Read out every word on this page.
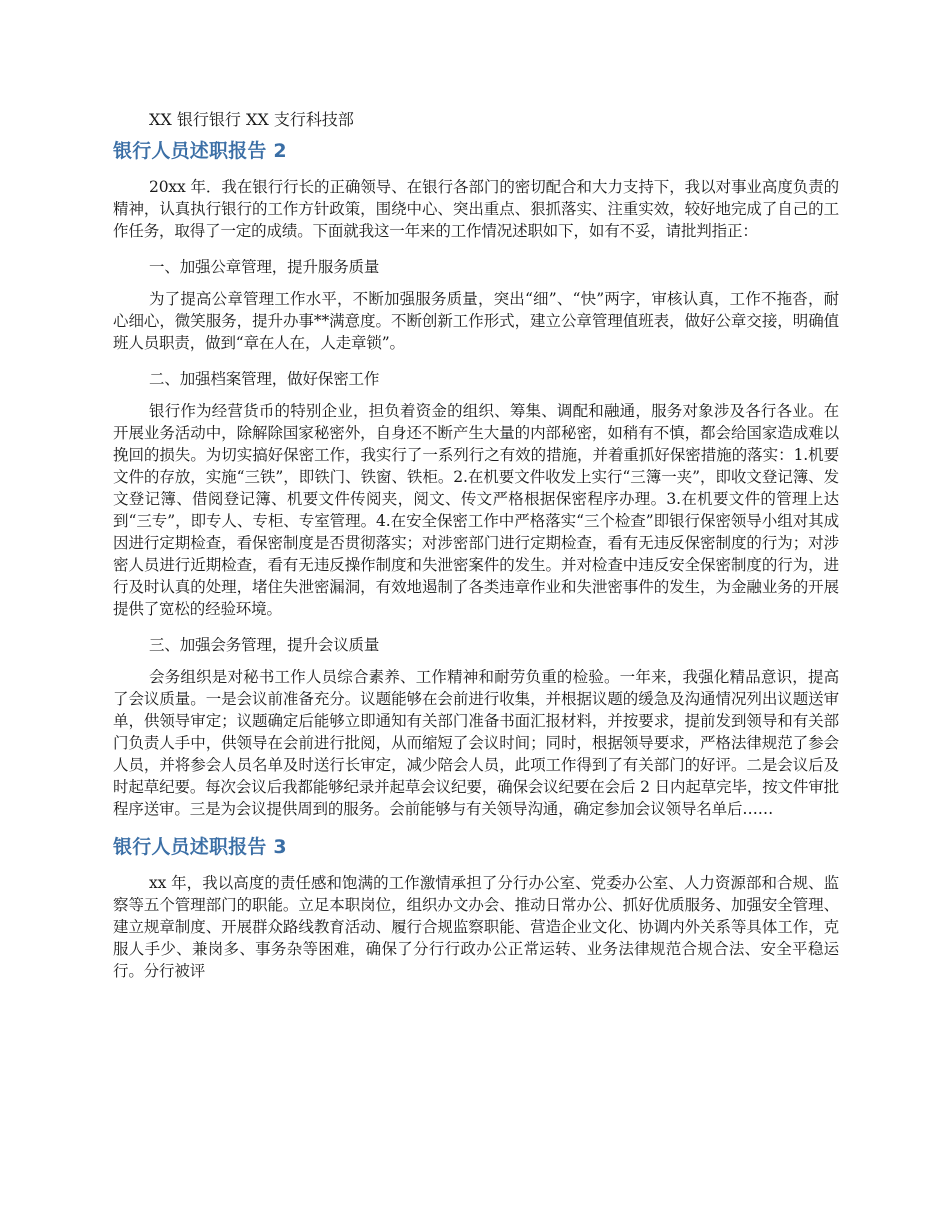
XX 银行银行 XX 支行科技部

银行人员述职报告 2

20xx 年．我在银行行长的正确领导、在银行各部门的密切配合和大力支持下，我以对事业高度负责的精神，认真执行银行的工作方针政策，围绕中心、突出重点、狠抓落实、注重实效，较好地完成了自己的工作任务，取得了一定的成绩。下面就我这一年来的工作情况述职如下，如有不妥，请批判指正：

一、加强公章管理，提升服务质量

为了提高公章管理工作水平，不断加强服务质量，突出“细”、“快”两字，审核认真，工作不拖沓，耐心细心，微笑服务，提升办事**满意度。不断创新工作形式，建立公章管理值班表，做好公章交接，明确值班人员职责，做到“章在人在，人走章锁”。

二、加强档案管理，做好保密工作

银行作为经营货币的特别企业，担负着资金的组织、筹集、调配和融通，服务对象涉及各行各业。在开展业务活动中，除解除国家秘密外，自身还不断产生大量的内部秘密，如稍有不慎，都会给国家造成难以挽回的损失。为切实搞好保密工作，我实行了一系列行之有效的措施，并着重抓好保密措施的落实：1.机要文件的存放，实施“三铁”，即铁门、铁窗、铁柜。2.在机要文件收发上实行“三簿一夹”，即收文登记簿、发文登记簿、借阅登记簿、机要文件传阅夹，阅文、传文严格根据保密程序办理。3.在机要文件的管理上达到“三专”，即专人、专柜、专室管理。4.在安全保密工作中严格落实“三个检查”即银行保密领导小组对其成因进行定期检查，看保密制度是否贯彻落实；对涉密部门进行定期检查，看有无违反保密制度的行为；对涉密人员进行近期检查，看有无违反操作制度和失泄密案件的发生。并对检查中违反安全保密制度的行为，进行及时认真的处理，堵住失泄密漏洞，有效地遏制了各类违章作业和失泄密事件的发生，为金融业务的开展提供了宽松的经验环境。

三、加强会务管理，提升会议质量

会务组织是对秘书工作人员综合素养、工作精神和耐劳负重的检验。一年来，我强化精品意识，提高了会议质量。一是会议前准备充分。议题能够在会前进行收集，并根据议题的缓急及沟通情况列出议题送审单，供领导审定；议题确定后能够立即通知有关部门准备书面汇报材料，并按要求，提前发到领导和有关部门负责人手中，供领导在会前进行批阅，从而缩短了会议时间；同时，根据领导要求，严格法律规范了参会人员，并将参会人员名单及时送行长审定，减少陪会人员，此项工作得到了有关部门的好评。二是会议后及时起草纪要。每次会议后我都能够纪录并起草会议纪要，确保会议纪要在会后 2 日内起草完毕，按文件审批程序送审。三是为会议提供周到的服务。会前能够与有关领导沟通，确定参加会议领导名单后……

银行人员述职报告 3

xx 年，我以高度的责任感和饱满的工作激情承担了分行办公室、党委办公室、人力资源部和合规、监察等五个管理部门的职能。立足本职岗位，组织办文办会、推动日常办公、抓好优质服务、加强安全管理、建立规章制度、开展群众路线教育活动、履行合规监察职能、营造企业文化、协调内外关系等具体工作，克服人手少、兼岗多、事务杂等困难，确保了分行行政办公正常运转、业务法律规范合规合法、安全平稳运行。分行被评
